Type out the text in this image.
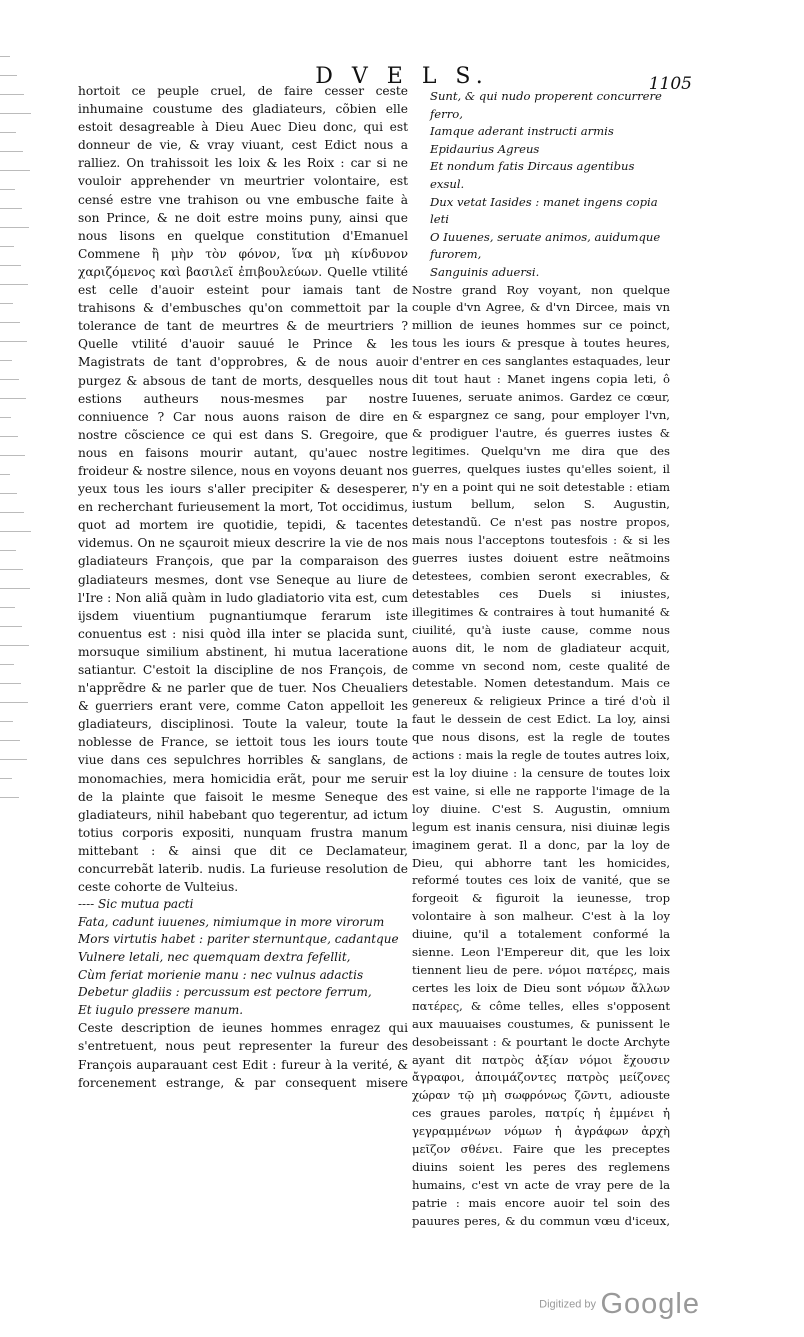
D V E L S.	1105

hortoit ce peuple cruel, de faire cesser ceste inhumaine coustume des gladiateurs, cõbien elle estoit desagreable à Dieu Auec Dieu donc, qui est donneur de vie, & vray viuant, cest Edict nous a ralliez. On trahissoit les loix & les Roix : car si ne vouloir apprehender vn meurtrier volontaire, est censé estre vne trahison ou vne embusche faite à son Prince, & ne doit estre moins puny, ainsi que nous lisons en quelque constitution d'Emanuel Commene ἢ μὴν τὸν φόνον, ἵνα μὴ κίνδυνον χαριζόμενος καὶ βασιλεῖ ἐπιβουλεύων. Quelle vtilité est celle d'auoir esteint pour iamais tant de trahisons & d'embusches qu'on commettoit par la tolerance de tant de meurtres & de meurtriers ? Quelle vtilité d'auoir sauué le Prince & les Magistrats de tant d'opprobres, & de nous auoir purgez & absous de tant de morts, desquelles nous estions autheurs nous-mesmes par nostre conniuence ? Car nous auons raison de dire en nostre cõscience ce qui est dans S. Gregoire, que nous en faisons mourir autant, qu'auec nostre froideur & nostre silence, nous en voyons deuant nos yeux tous les iours s'aller precipiter & desesperer, en recherchant furieusement la mort, Tot occidimus, quot ad mortem ire quotidie, tepidi, & tacentes videmus. On ne sçauroit mieux descrire la vie de nos gladiateurs François, que par la comparaison des gladiateurs mesmes, dont vse Seneque au liure de l'Ire : Non aliã quàm in ludo gladiatorio vita est, cum ijsdem viuentium pugnantiumque ferarum iste conuentus est : nisi quòd illa inter se placida sunt, morsuque similium abstinent, hi mutua laceratione satiantur. C'estoit la discipline de nos François, de n'apprẽdre & ne parler que de tuer. Nos Cheualiers & guerriers erant vere, comme Caton appelloit les gladiateurs, disciplinosi. Toute la valeur, toute la noblesse de France, se iettoit tous les iours toute viue dans ces sepulchres horribles & sanglans, de monomachies, mera homicidia erãt, pour me seruir de la plainte que faisoit le mesme Seneque des gladiateurs, nihil habebant quo tegerentur, ad ictum totius corporis expositi, nunquam frustra manum mittebant : & ainsi que dit ce Declamateur, concurrebãt laterib. nudis. La furieuse resolution de ceste cohorte de Vulteius.

---- Sic mutua pacti
Fata, cadunt iuuenes, nimiumque in more virorum
Mors virtutis habet : pariter sternuntque, cadantque
Vulnere letali, nec quemquam dextra fefellit,
Cùm feriat morienie manu : nec vulnus adactis
Debetur gladiis : percussum est pectore ferrum,
Et iugulo pressere manum.

Ceste description de ieunes hommes enragez qui s'entretuent, nous peut representer la fureur des François auparauant cest Edit : fureur à la verité, & forcenement estrange, & par consequent misere

Sunt, & qui nudo properent concurrere ferro,
Iamque aderant instructi armis Epidaurius Agreus
Et nondum fatis Dircaus agentibus exsul.
Dux vetat Iasides : manet ingens copia leti
O Iuuenes, seruate animos, auidumque furorem,
Sanguinis aduersi.

Nostre grand Roy voyant, non quelque couple d'vn Agree, & d'vn Dircee, mais vn million de ieunes hommes sur ce poinct, tous les iours & presque à toutes heures, d'entrer en ces sanglantes estaquades, leur dit tout haut : Manet ingens copia leti, ô Iuuenes, seruate animos. Gardez ce cœur, & espargnez ce sang, pour employer l'vn, & prodiguer l'autre, és guerres iustes & legitimes. Quelqu'vn me dira que des guerres, quelques iustes qu'elles soient, il n'y en a point qui ne soit detestable : etiam iustum bellum, selon S. Augustin, detestandũ. Ce n'est pas nostre propos, mais nous l'acceptons toutesfois : & si les guerres iustes doiuent estre neãtmoins detestees, combien seront execrables, & detestables ces Duels si iniustes, illegitimes & contraires à tout humanité & ciuilité, qu'à iuste cause, comme nous auons dit, le nom de gladiateur acquit, comme vn second nom, ceste qualité de detestable. Nomen detestandum. Mais ce genereux & religieux Prince a tiré d'où il faut le dessein de cest Edict. La loy, ainsi que nous disons, est la regle de toutes actions : mais la regle de toutes autres loix, est la loy diuine : la censure de toutes loix est vaine, si elle ne rapporte l'image de la loy diuine. C'est S. Augustin, omnium legum est inanis censura, nisi diuinæ legis imaginem gerat. Il a donc, par la loy de Dieu, qui abhorre tant les homicides, reformé toutes ces loix de vanité, que se forgeoit & figuroit la ieunesse, trop volontaire à son malheur. C'est à la loy diuine, qu'il a totalement conformé la sienne. Leon l'Empereur dit, que les loix tiennent lieu de pere. νόμοι πατέρες, mais certes les loix de Dieu sont νόμων ἄλλων πατέρες, & côme telles, elles s'opposent aux mauuaises coustumes, & punissent le desobeissant : & pourtant le docte Archyte ayant dit πατρὸς ἀξίαν νόμοι ἔχουσιν ἄγραφοι, ἀποιμάζοντες πατρὸς μείζονες χώραν τῷ μὴ σωφρόνως ζῶντι, adiouste ces graues paroles, πατρίς ἡ ἐμμένει ἡ γεγραμμένων νόμων ἡ ἀγράφων ἀρχὴ μεῖζον σθένει. Faire que les preceptes diuins soient les peres des reglemens humains, c'est vn acte de vray pere de la patrie : mais encore auoir tel soin des pauures peres, & du commun vœu d'iceux,

Digitized by Google
